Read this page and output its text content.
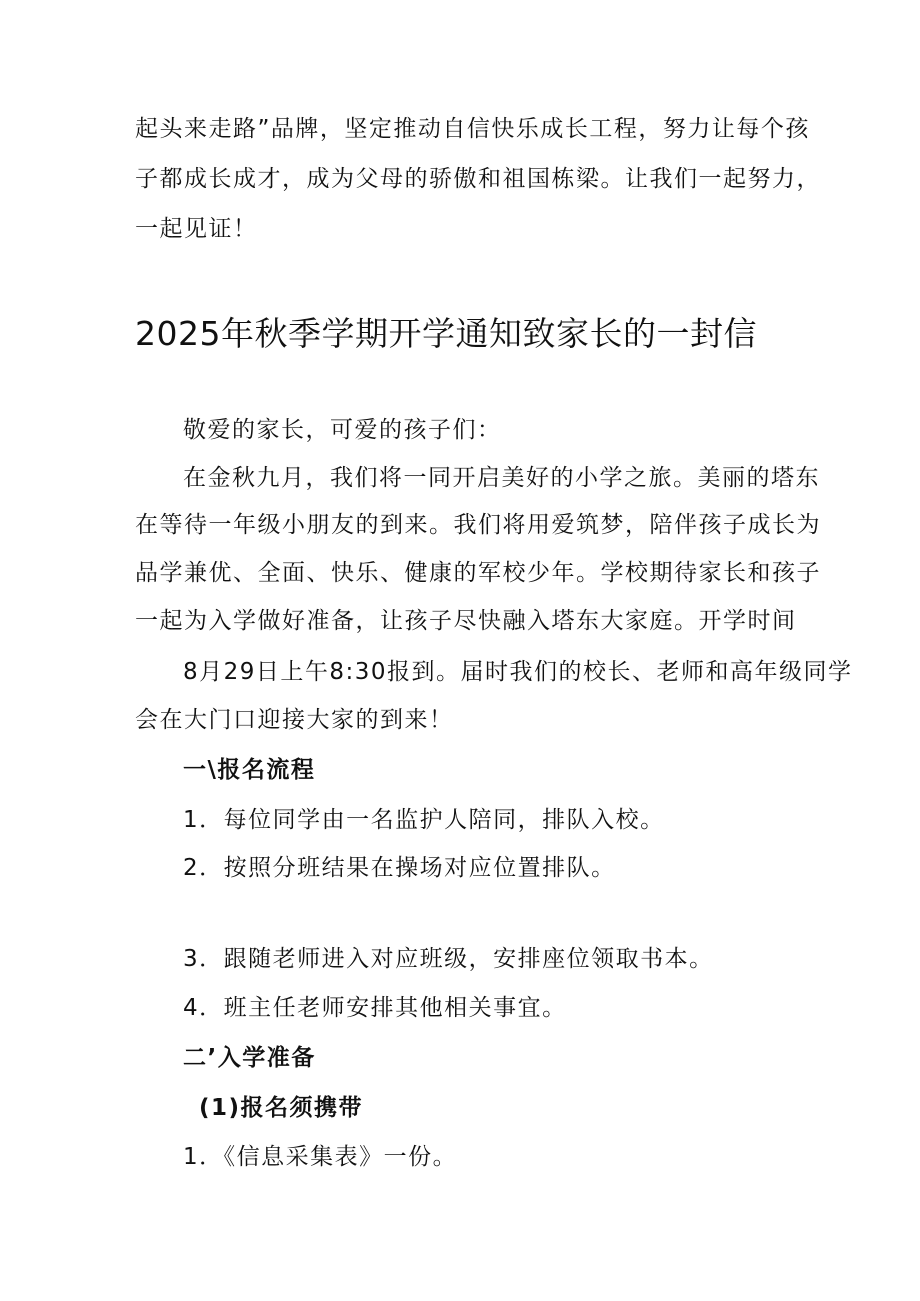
起头来走路”品牌，坚定推动自信快乐成长工程，努力让每个孩
子都成长成才，成为父母的骄傲和祖国栋梁。让我们一起努力，
一起见证！
2025年秋季学期开学通知致家长的一封信
敬爱的家长，可爱的孩子们：
在金秋九月，我们将一同开启美好的小学之旅。美丽的塔东
在等待一年级小朋友的到来。我们将用爱筑梦，陪伴孩子成长为
品学兼优、全面、快乐、健康的军校少年。学校期待家长和孩子
一起为入学做好准备，让孩子尽快融入塔东大家庭。开学时间
8月29日上午8:30报到。届时我们的校长、老师和高年级同学
会在大门口迎接大家的到来！
一\报名流程
1．每位同学由一名监护人陪同，排队入校。
2．按照分班结果在操场对应位置排队。
3．跟随老师进入对应班级，安排座位领取书本。
4．班主任老师安排其他相关事宜。
二’入学准备
(1)报名须携带
1．《信息采集表》一份。
